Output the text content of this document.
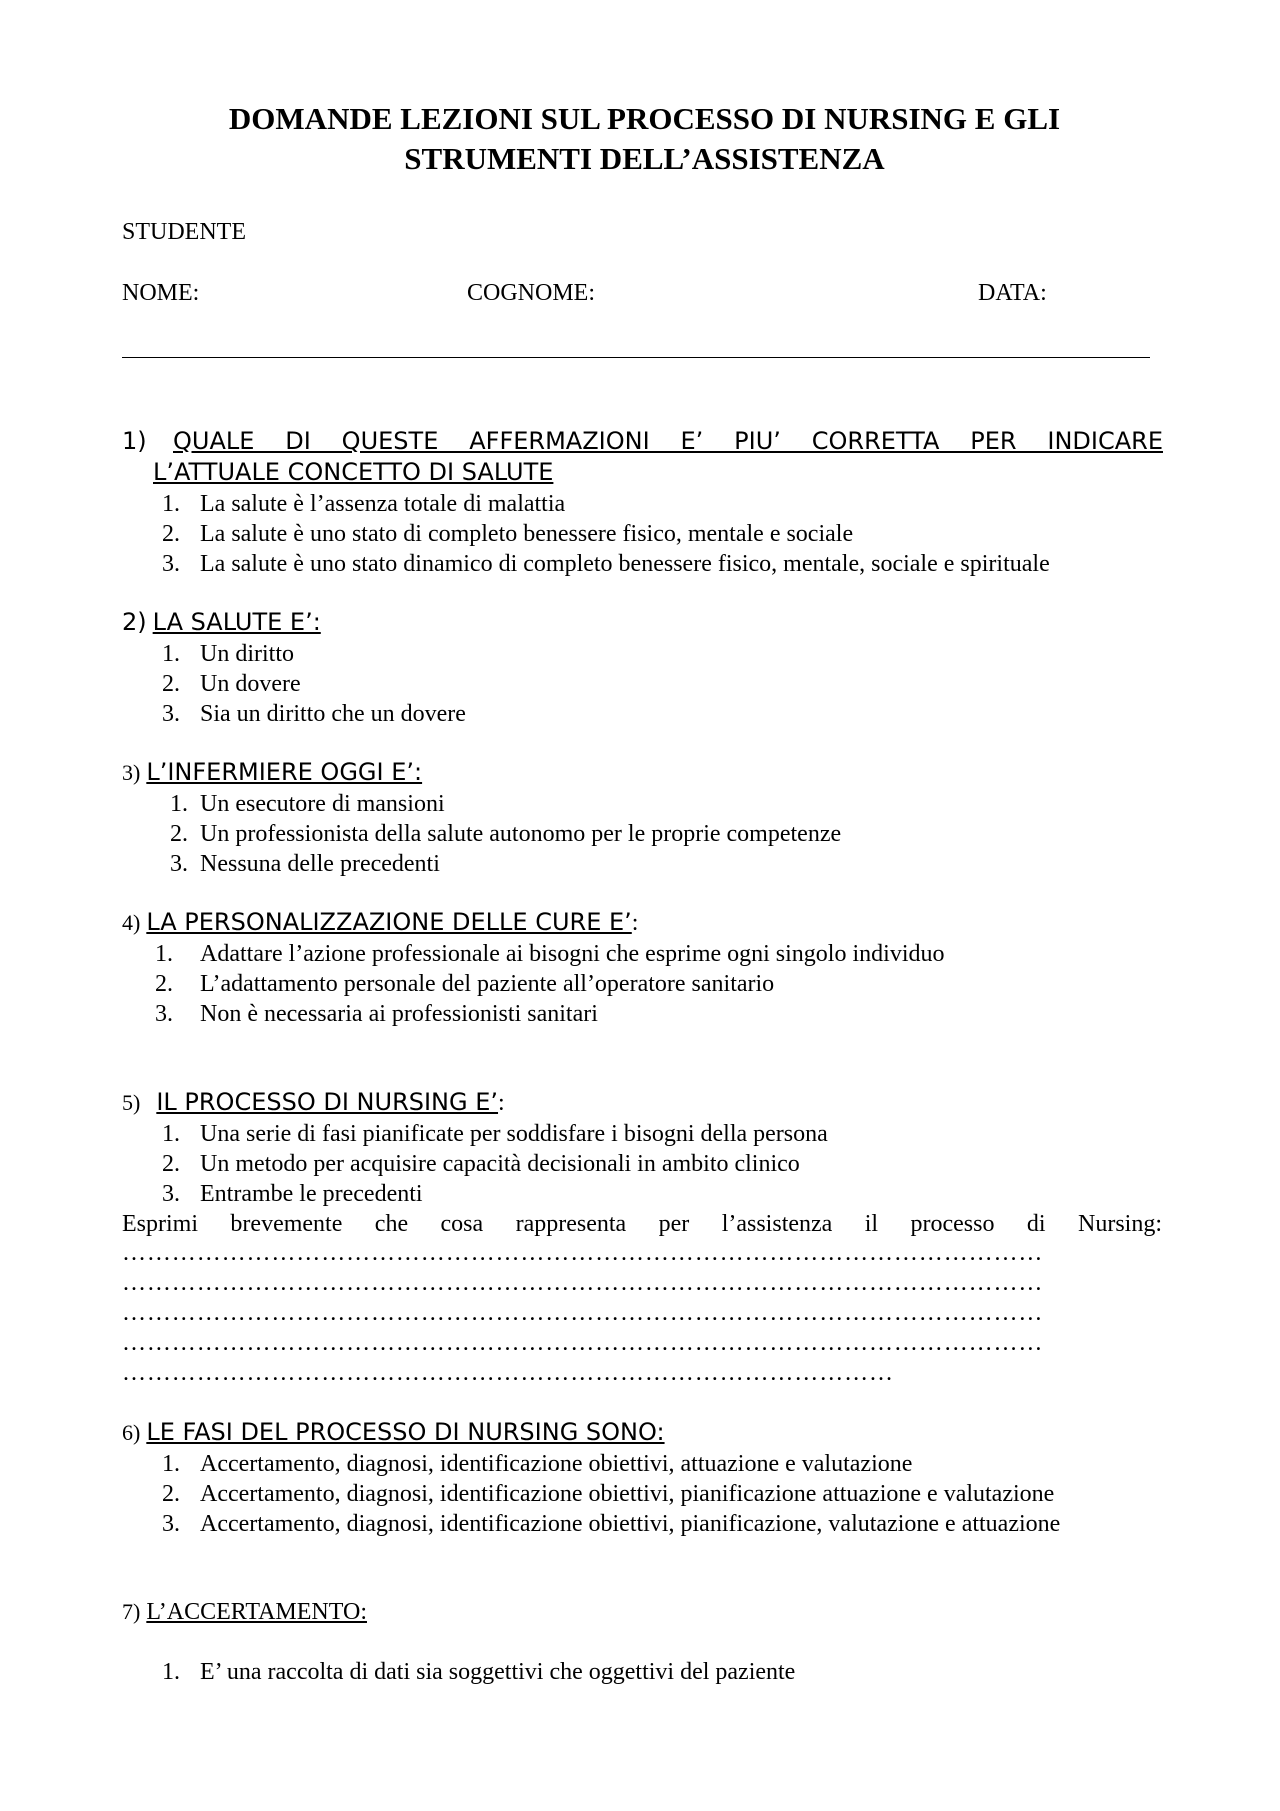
DOMANDE LEZIONI SUL PROCESSO DI NURSING E GLI
STRUMENTI DELL’ASSISTENZA
STUDENTE
NOME:	COGNOME:	DATA:
1) QUALE DI QUESTE AFFERMAZIONI E’ PIU’ CORRETTA PER INDICARE
L’ATTUALE CONCETTO DI SALUTE
1. La salute è l’assenza totale di malattia
2. La salute è uno stato di completo benessere fisico, mentale e sociale
3. La salute è uno stato dinamico di completo benessere fisico, mentale, sociale e spirituale
2) LA SALUTE E’:
1. Un diritto
2. Un dovere
3. Sia un diritto che un dovere
3) L’INFERMIERE OGGI E’:
1. Un esecutore di mansioni
2. Un professionista della salute autonomo per le proprie competenze
3. Nessuna delle precedenti
4) LA PERSONALIZZAZIONE DELLE CURE E’:
1. Adattare l’azione professionale ai bisogni che esprime ogni singolo individuo
2. L’adattamento personale del paziente all’operatore sanitario
3. Non è necessaria ai professionisti sanitari
5) IL PROCESSO DI NURSING E’:
1. Una serie di fasi pianificate per soddisfare i bisogni della persona
2. Un metodo per acquisire capacità decisionali in ambito clinico
3. Entrambe le precedenti
Esprimi brevemente che cosa rappresenta per l’assistenza il processo di Nursing:
…………………………………………………………………………………………………
…………………………………………………………………………………………………
…………………………………………………………………………………………………
…………………………………………………………………………………………………
…………………………………………………………………………………
6) LE FASI DEL PROCESSO DI NURSING SONO:
1. Accertamento, diagnosi, identificazione obiettivi, attuazione e valutazione
2. Accertamento, diagnosi, identificazione obiettivi, pianificazione attuazione e valutazione
3. Accertamento, diagnosi, identificazione obiettivi, pianificazione, valutazione e attuazione
7) L’ACCERTAMENTO:
1. E’ una raccolta di dati sia soggettivi che oggettivi del paziente
